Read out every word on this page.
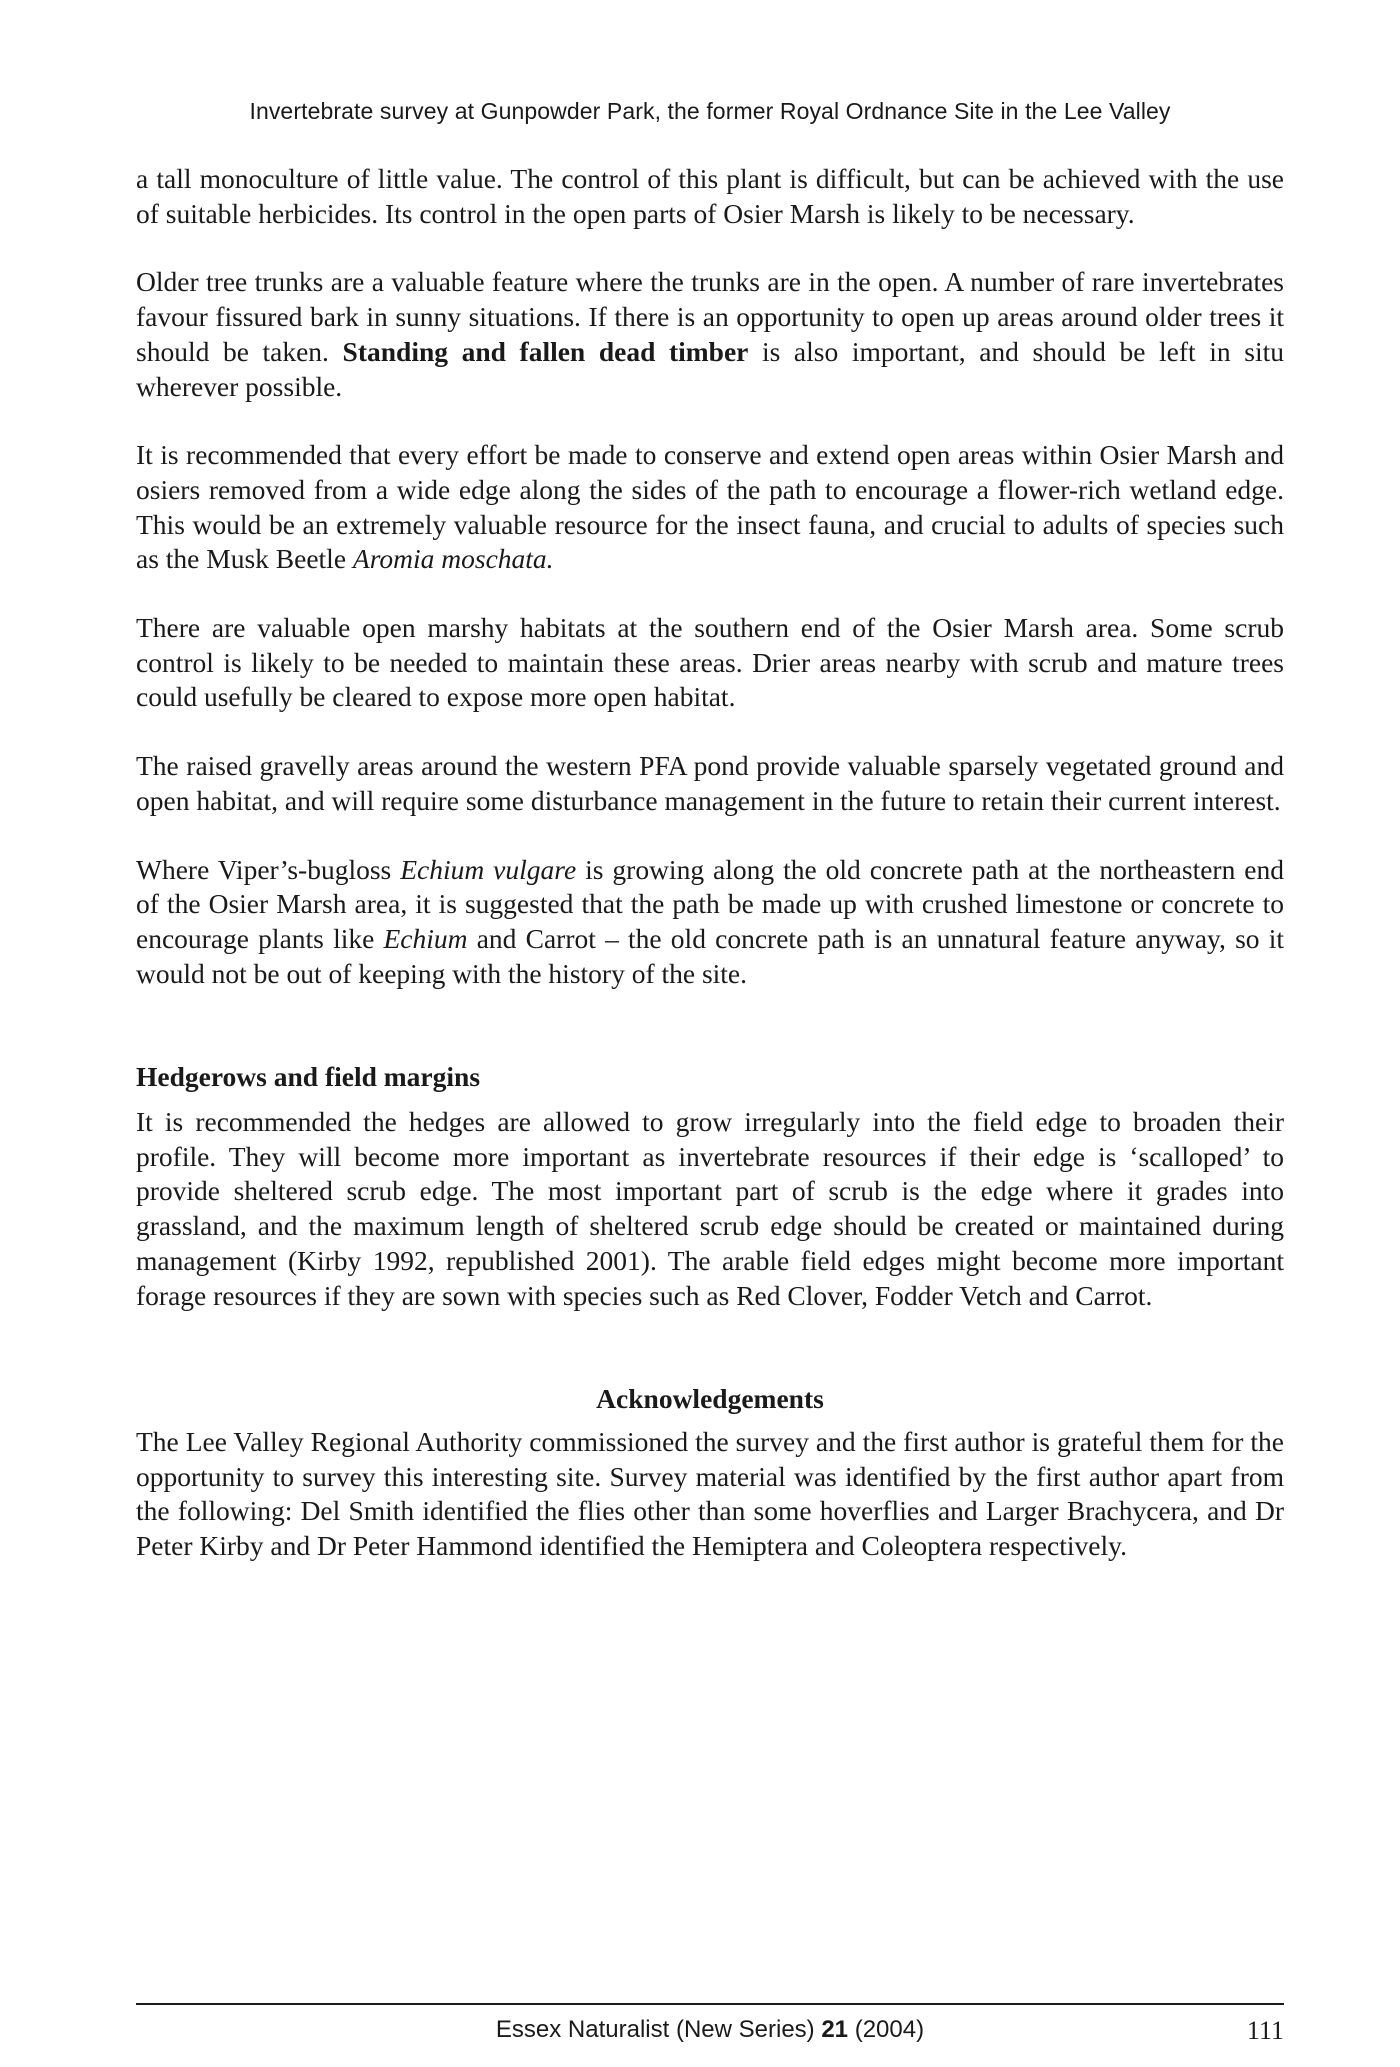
Invertebrate survey at Gunpowder Park, the former Royal Ordnance Site in the Lee Valley

a tall monoculture of little value. The control of this plant is difficult, but can be achieved with the use of suitable herbicides. Its control in the open parts of Osier Marsh is likely to be necessary.

Older tree trunks are a valuable feature where the trunks are in the open. A number of rare invertebrates favour fissured bark in sunny situations. If there is an opportunity to open up areas around older trees it should be taken. Standing and fallen dead timber is also important, and should be left in situ wherever possible.

It is recommended that every effort be made to conserve and extend open areas within Osier Marsh and osiers removed from a wide edge along the sides of the path to encourage a flower-rich wetland edge. This would be an extremely valuable resource for the insect fauna, and crucial to adults of species such as the Musk Beetle Aromia moschata.

There are valuable open marshy habitats at the southern end of the Osier Marsh area. Some scrub control is likely to be needed to maintain these areas. Drier areas nearby with scrub and mature trees could usefully be cleared to expose more open habitat.

The raised gravelly areas around the western PFA pond provide valuable sparsely vegetated ground and open habitat, and will require some disturbance management in the future to retain their current interest.

Where Viper’s-bugloss Echium vulgare is growing along the old concrete path at the northeastern end of the Osier Marsh area, it is suggested that the path be made up with crushed limestone or concrete to encourage plants like Echium and Carrot – the old concrete path is an unnatural feature anyway, so it would not be out of keeping with the history of the site.

Hedgerows and field margins

It is recommended the hedges are allowed to grow irregularly into the field edge to broaden their profile. They will become more important as invertebrate resources if their edge is ‘scalloped’ to provide sheltered scrub edge. The most important part of scrub is the edge where it grades into grassland, and the maximum length of sheltered scrub edge should be created or maintained during management (Kirby 1992, republished 2001). The arable field edges might become more important forage resources if they are sown with species such as Red Clover, Fodder Vetch and Carrot.

Acknowledgements

The Lee Valley Regional Authority commissioned the survey and the first author is grateful them for the opportunity to survey this interesting site. Survey material was identified by the first author apart from the following: Del Smith identified the flies other than some hoverflies and Larger Brachycera, and Dr Peter Kirby and Dr Peter Hammond identified the Hemiptera and Coleoptera respectively.

Essex Naturalist (New Series) 21 (2004)	111
